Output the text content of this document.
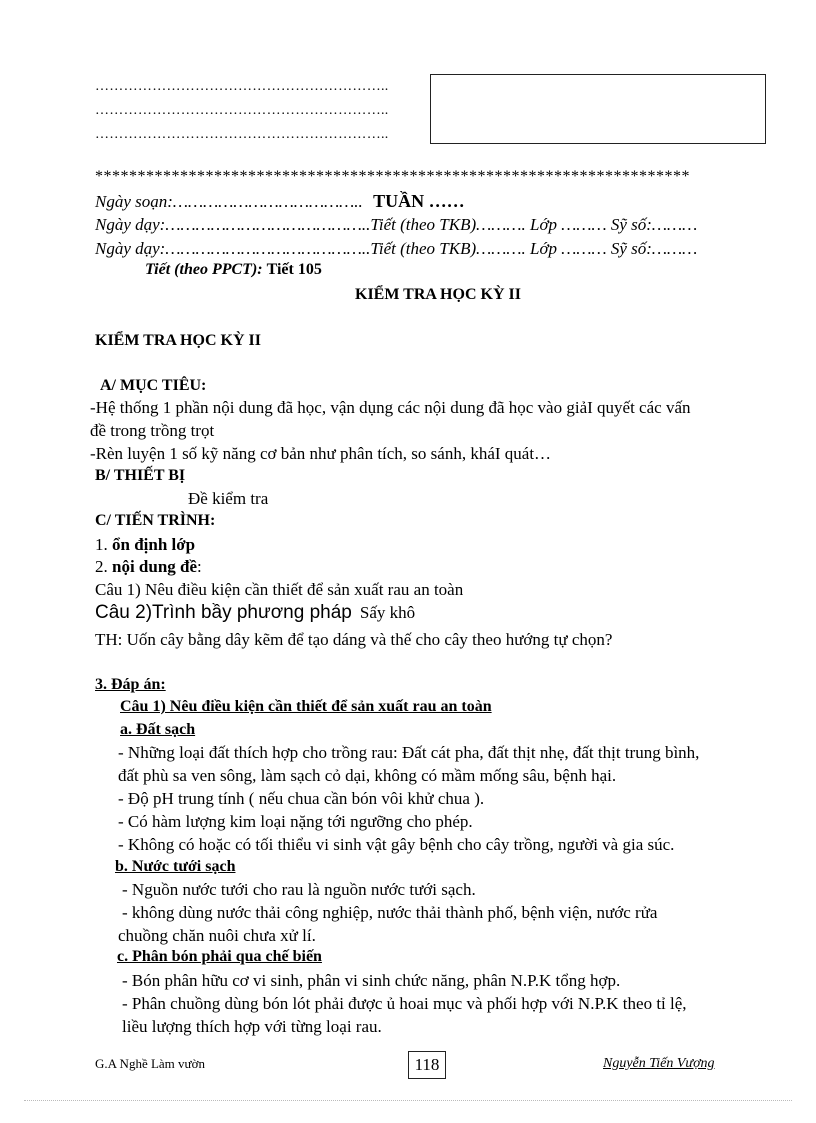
……………………………………………………..
……………………………………………………..
……………………………………………………..
**********************************************************************
Ngày soạn:……………………………….. TUẦN ……
Ngày dạy:…………………………………..Tiết (theo TKB)………. Lớp ……… Sỹ số:………
Ngày dạy:…………………………………..Tiết (theo TKB)………. Lớp ……… Sỹ số:………
Tiết (theo PPCT): Tiết 105
KIỂM TRA HỌC KỲ II
KIỂM TRA HỌC KỲ II
A/ MỤC TIÊU:
-Hệ thống 1 phần nội dung đã học, vận dụng các nội dung đã học vào giảI quyết các vấn
đề trong trồng trọt
-Rèn luyện 1 số kỹ năng cơ bản như phân tích, so sánh, kháI quát…
B/ THIẾT BỊ
Đề kiểm tra
C/ TIẾN TRÌNH:
1. ổn định lớp
2. nội dung đề:
Câu 1) Nêu điều kiện cần thiết để sản xuất rau an toàn
Câu 2)Trình bầy phương pháp Sấy khô
TH: Uốn cây bằng dây kẽm để tạo dáng và thế cho cây theo hướng tự chọn?
3. Đáp án:
Câu 1) Nêu điều kiện cần thiết để sản xuất rau an toàn
a. Đất sạch
- Những loại đất thích hợp cho trồng rau: Đất cát pha, đất thịt nhẹ, đất thịt trung bình,
đất phù sa ven sông, làm sạch cỏ dại, không có mầm mống sâu, bệnh hại.
- Độ pH trung tính ( nếu chua cần bón vôi khử chua ).
- Có hàm lượng kim loại nặng tới ngưỡng cho phép.
- Không có hoặc có tối thiểu vi sinh vật gây bệnh cho cây trồng, người và gia súc.
b. Nước tưới sạch
- Nguồn nước tưới cho rau là nguồn nước tưới sạch.
- không dùng nước thải công nghiệp, nước thải thành phố, bệnh viện, nước rửa
chuồng chăn nuôi chưa xử lí.
c. Phân bón phải qua chế biến
- Bón phân hữu cơ vi sinh, phân vi sinh chức năng, phân N.P.K tổng hợp.
- Phân chuồng dùng bón lót phải được ủ hoai mục và phối hợp với N.P.K theo tỉ lệ,
liều lượng thích hợp với từng loại rau.
G.A Nghề Làm vườn	118	Nguyễn Tiến Vượng
